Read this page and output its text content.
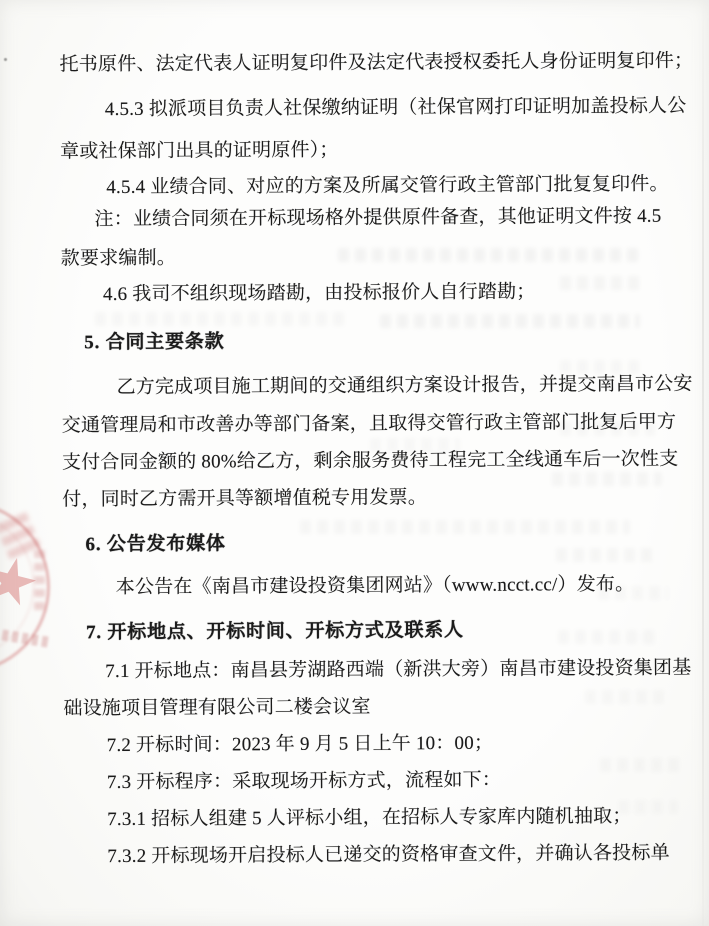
托书原件、法定代表人证明复印件及法定代表授权委托人身份证明复印件；
4.5.3 拟派项目负责人社保缴纳证明（社保官网打印证明加盖投标人公
章或社保部门出具的证明原件）；
4.5.4 业绩合同、对应的方案及所属交管行政主管部门批复复印件。
注：业绩合同须在开标现场格外提供原件备查，其他证明文件按 4.5
款要求编制。
4.6 我司不组织现场踏勘，由投标报价人自行踏勘；
5. 合同主要条款
乙方完成项目施工期间的交通组织方案设计报告，并提交南昌市公安
交通管理局和市改善办等部门备案，且取得交管行政主管部门批复后甲方
支付合同金额的 80%给乙方，剩余服务费待工程完工全线通车后一次性支
付，同时乙方需开具等额增值税专用发票。
6. 公告发布媒体
本公告在《南昌市建设投资集团网站》（www.ncct.cc/）发布。
7. 开标地点、开标时间、开标方式及联系人
7.1 开标地点：南昌县芳湖路西端（新洪大旁）南昌市建设投资集团基
础设施项目管理有限公司二楼会议室
7.2 开标时间：2023 年 9 月 5 日上午 10：00；
7.3 开标程序：采取现场开标方式，流程如下：
7.3.1 招标人组建 5 人评标小组，在招标人专家库内随机抽取；
7.3.2 开标现场开启投标人已递交的资格审查文件，并确认各投标单
